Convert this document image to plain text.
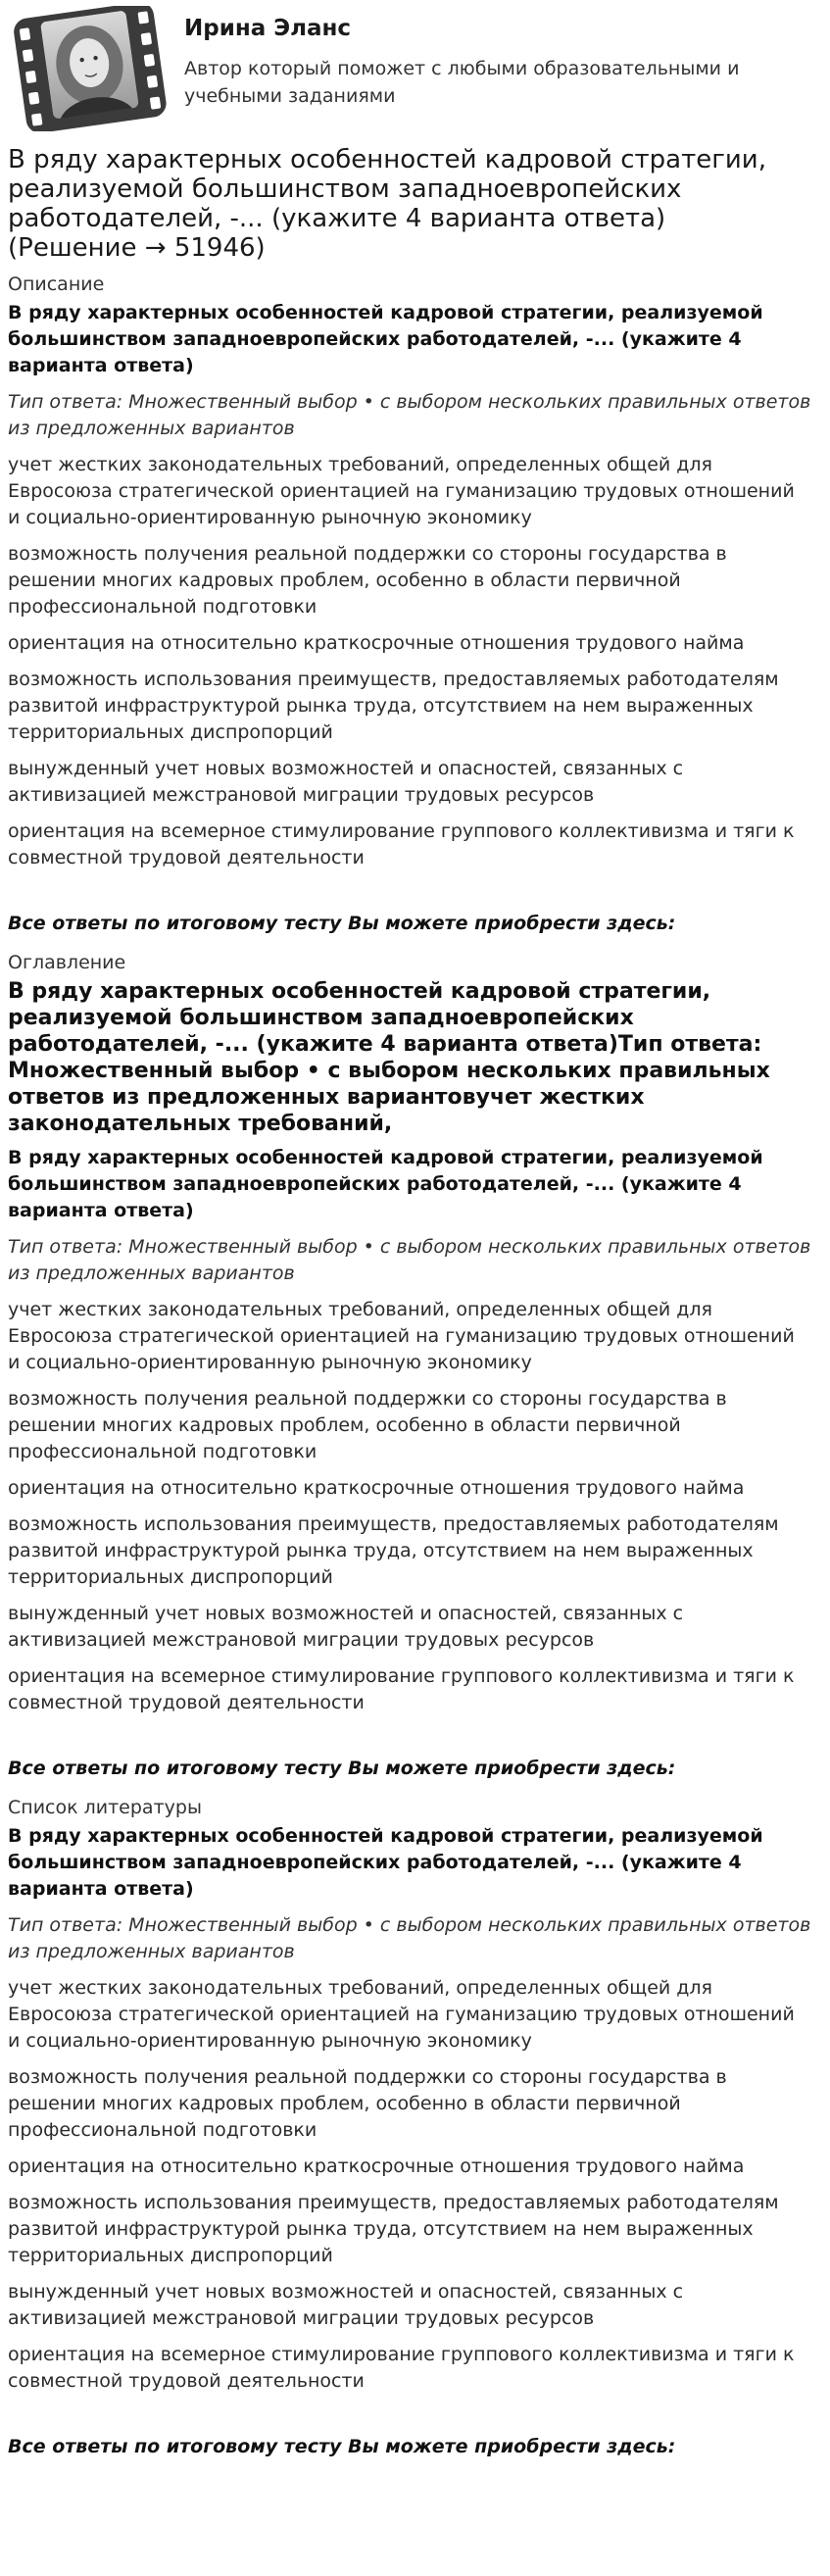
Ирина Эланс
Автор который поможет с любыми образовательными и учебными заданиями
В ряду характерных особенностей кадровой стратегии, реализуемой большинством западноевропейских работодателей, -... (укажите 4 варианта ответа) (Решение → 51946)
Описание
В ряду характерных особенностей кадровой стратегии, реализуемой большинством западноевропейских работодателей, -... (укажите 4 варианта ответа)
Тип ответа: Множественный выбор • с выбором нескольких правильных ответов из предложенных вариантов
учет жестких законодательных требований, определенных общей для Евросоюза стратегической ориентацией на гуманизацию трудовых отношений и социально-ориентированную рыночную экономику
возможность получения реальной поддержки со стороны государства в решении многих кадровых проблем, особенно в области первичной профессиональной подготовки
ориентация на относительно краткосрочные отношения трудового найма
возможность использования преимуществ, предоставляемых работодателям развитой инфраструктурой рынка труда, отсутствием на нем выраженных территориальных диспропорций
вынужденный учет новых возможностей и опасностей, связанных с активизацией межстрановой миграции трудовых ресурсов
ориентация на всемерное стимулирование группового коллективизма и тяги к совместной трудовой деятельности
Все ответы по итоговому тесту Вы можете приобрести здесь:
Оглавление
В ряду характерных особенностей кадровой стратегии, реализуемой большинством западноевропейских работодателей, -... (укажите 4 варианта ответа)Тип ответа: Множественный выбор • с выбором нескольких правильных ответов из предложенных вариантовучет жестких законодательных требований,
В ряду характерных особенностей кадровой стратегии, реализуемой большинством западноевропейских работодателей, -... (укажите 4 варианта ответа)
Тип ответа: Множественный выбор • с выбором нескольких правильных ответов из предложенных вариантов
учет жестких законодательных требований, определенных общей для Евросоюза стратегической ориентацией на гуманизацию трудовых отношений и социально-ориентированную рыночную экономику
возможность получения реальной поддержки со стороны государства в решении многих кадровых проблем, особенно в области первичной профессиональной подготовки
ориентация на относительно краткосрочные отношения трудового найма
возможность использования преимуществ, предоставляемых работодателям развитой инфраструктурой рынка труда, отсутствием на нем выраженных территориальных диспропорций
вынужденный учет новых возможностей и опасностей, связанных с активизацией межстрановой миграции трудовых ресурсов
ориентация на всемерное стимулирование группового коллективизма и тяги к совместной трудовой деятельности
Все ответы по итоговому тесту Вы можете приобрести здесь:
Список литературы
В ряду характерных особенностей кадровой стратегии, реализуемой большинством западноевропейских работодателей, -... (укажите 4 варианта ответа)
Тип ответа: Множественный выбор • с выбором нескольких правильных ответов из предложенных вариантов
учет жестких законодательных требований, определенных общей для Евросоюза стратегической ориентацией на гуманизацию трудовых отношений и социально-ориентированную рыночную экономику
возможность получения реальной поддержки со стороны государства в решении многих кадровых проблем, особенно в области первичной профессиональной подготовки
ориентация на относительно краткосрочные отношения трудового найма
возможность использования преимуществ, предоставляемых работодателям развитой инфраструктурой рынка труда, отсутствием на нем выраженных территориальных диспропорций
вынужденный учет новых возможностей и опасностей, связанных с активизацией межстрановой миграции трудовых ресурсов
ориентация на всемерное стимулирование группового коллективизма и тяги к совместной трудовой деятельности
Все ответы по итоговому тесту Вы можете приобрести здесь:
